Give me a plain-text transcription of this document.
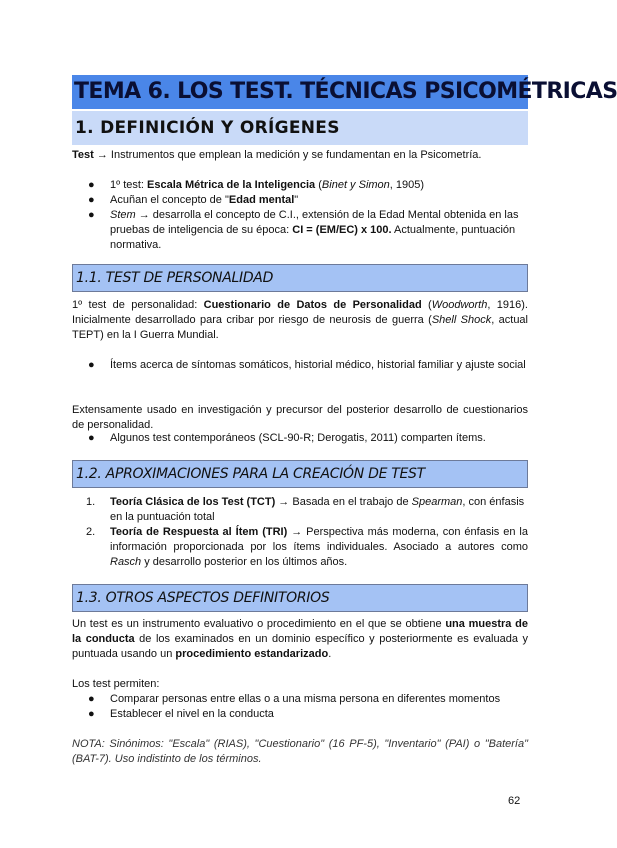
TEMA 6. LOS TEST. TÉCNICAS PSICOMÉTRICAS
1. DEFINICIÓN Y ORÍGENES
Test → Instrumentos que emplean la medición y se fundamentan en la Psicometría.
● 1º test: Escala Métrica de la Inteligencia (Binet y Simon, 1905)
● Acuñan el concepto de "Edad mental"
● Stem → desarrolla el concepto de C.I., extensión de la Edad Mental obtenida en las pruebas de inteligencia de su época: CI = (EM/EC) x 100. Actualmente, puntuación normativa.
1.1. TEST DE PERSONALIDAD
1º test de personalidad: Cuestionario de Datos de Personalidad (Woodworth, 1916). Inicialmente desarrollado para cribar por riesgo de neurosis de guerra (Shell Shock, actual TEPT) en la I Guerra Mundial.
● Ítems acerca de síntomas somáticos, historial médico, historial familiar y ajuste social
Extensamente usado en investigación y precursor del posterior desarrollo de cuestionarios de personalidad.
● Algunos test contemporáneos (SCL-90-R; Derogatis, 2011) comparten ítems.
1.2. APROXIMACIONES PARA LA CREACIÓN DE TEST
1. Teoría Clásica de los Test (TCT) → Basada en el trabajo de Spearman, con énfasis en la puntuación total
2. Teoría de Respuesta al Ítem (TRI) → Perspectiva más moderna, con énfasis en la información proporcionada por los ítems individuales. Asociado a autores como Rasch y desarrollo posterior en los últimos años.
1.3. OTROS ASPECTOS DEFINITORIOS
Un test es un instrumento evaluativo o procedimiento en el que se obtiene una muestra de la conducta de los examinados en un dominio específico y posteriormente es evaluada y puntuada usando un procedimiento estandarizado.
Los test permiten:
● Comparar personas entre ellas o a una misma persona en diferentes momentos
● Establecer el nivel en la conducta
NOTA: Sinónimos: "Escala" (RIAS), "Cuestionario" (16 PF-5), "Inventario" (PAI) o "Batería" (BAT-7). Uso indistinto de los términos.
62
